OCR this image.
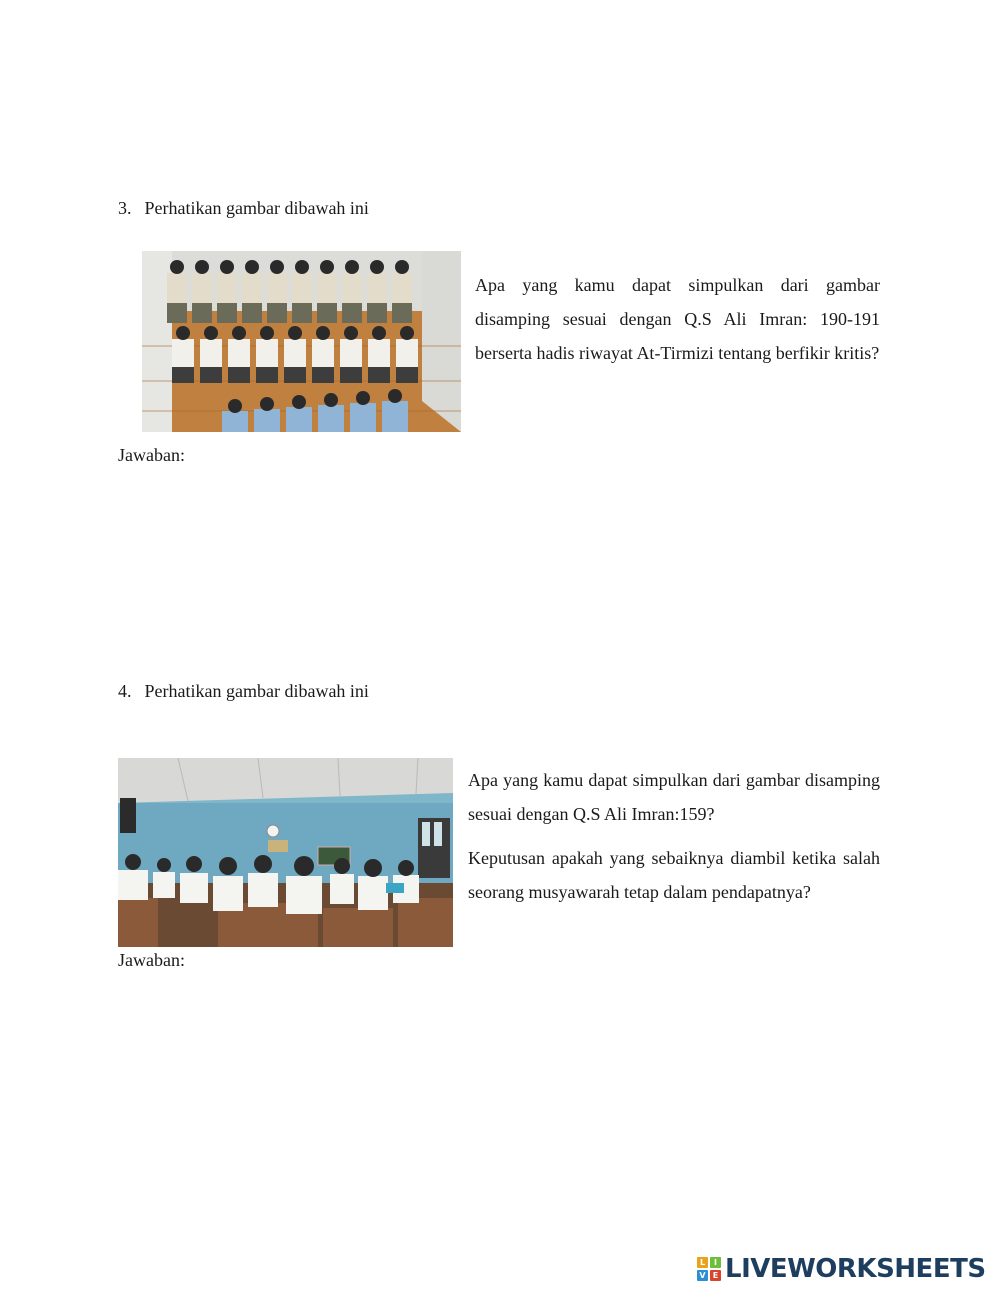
3. Perhatikan gambar dibawah ini

Apa yang kamu dapat simpulkan dari gambar disamping sesuai dengan Q.S Ali Imran: 190-191 berserta hadis riwayat At-Tirmizi tentang berfikir kritis?

Jawaban:
4. Perhatikan gambar dibawah ini

Apa yang kamu dapat simpulkan dari gambar disamping sesuai dengan Q.S Ali Imran:159?

Keputusan apakah yang sebaiknya diambil ketika salah seorang musyawarah tetap dalam pendapatnya?

Jawaban:
L	I
V E LIVEWORKSHEETS
